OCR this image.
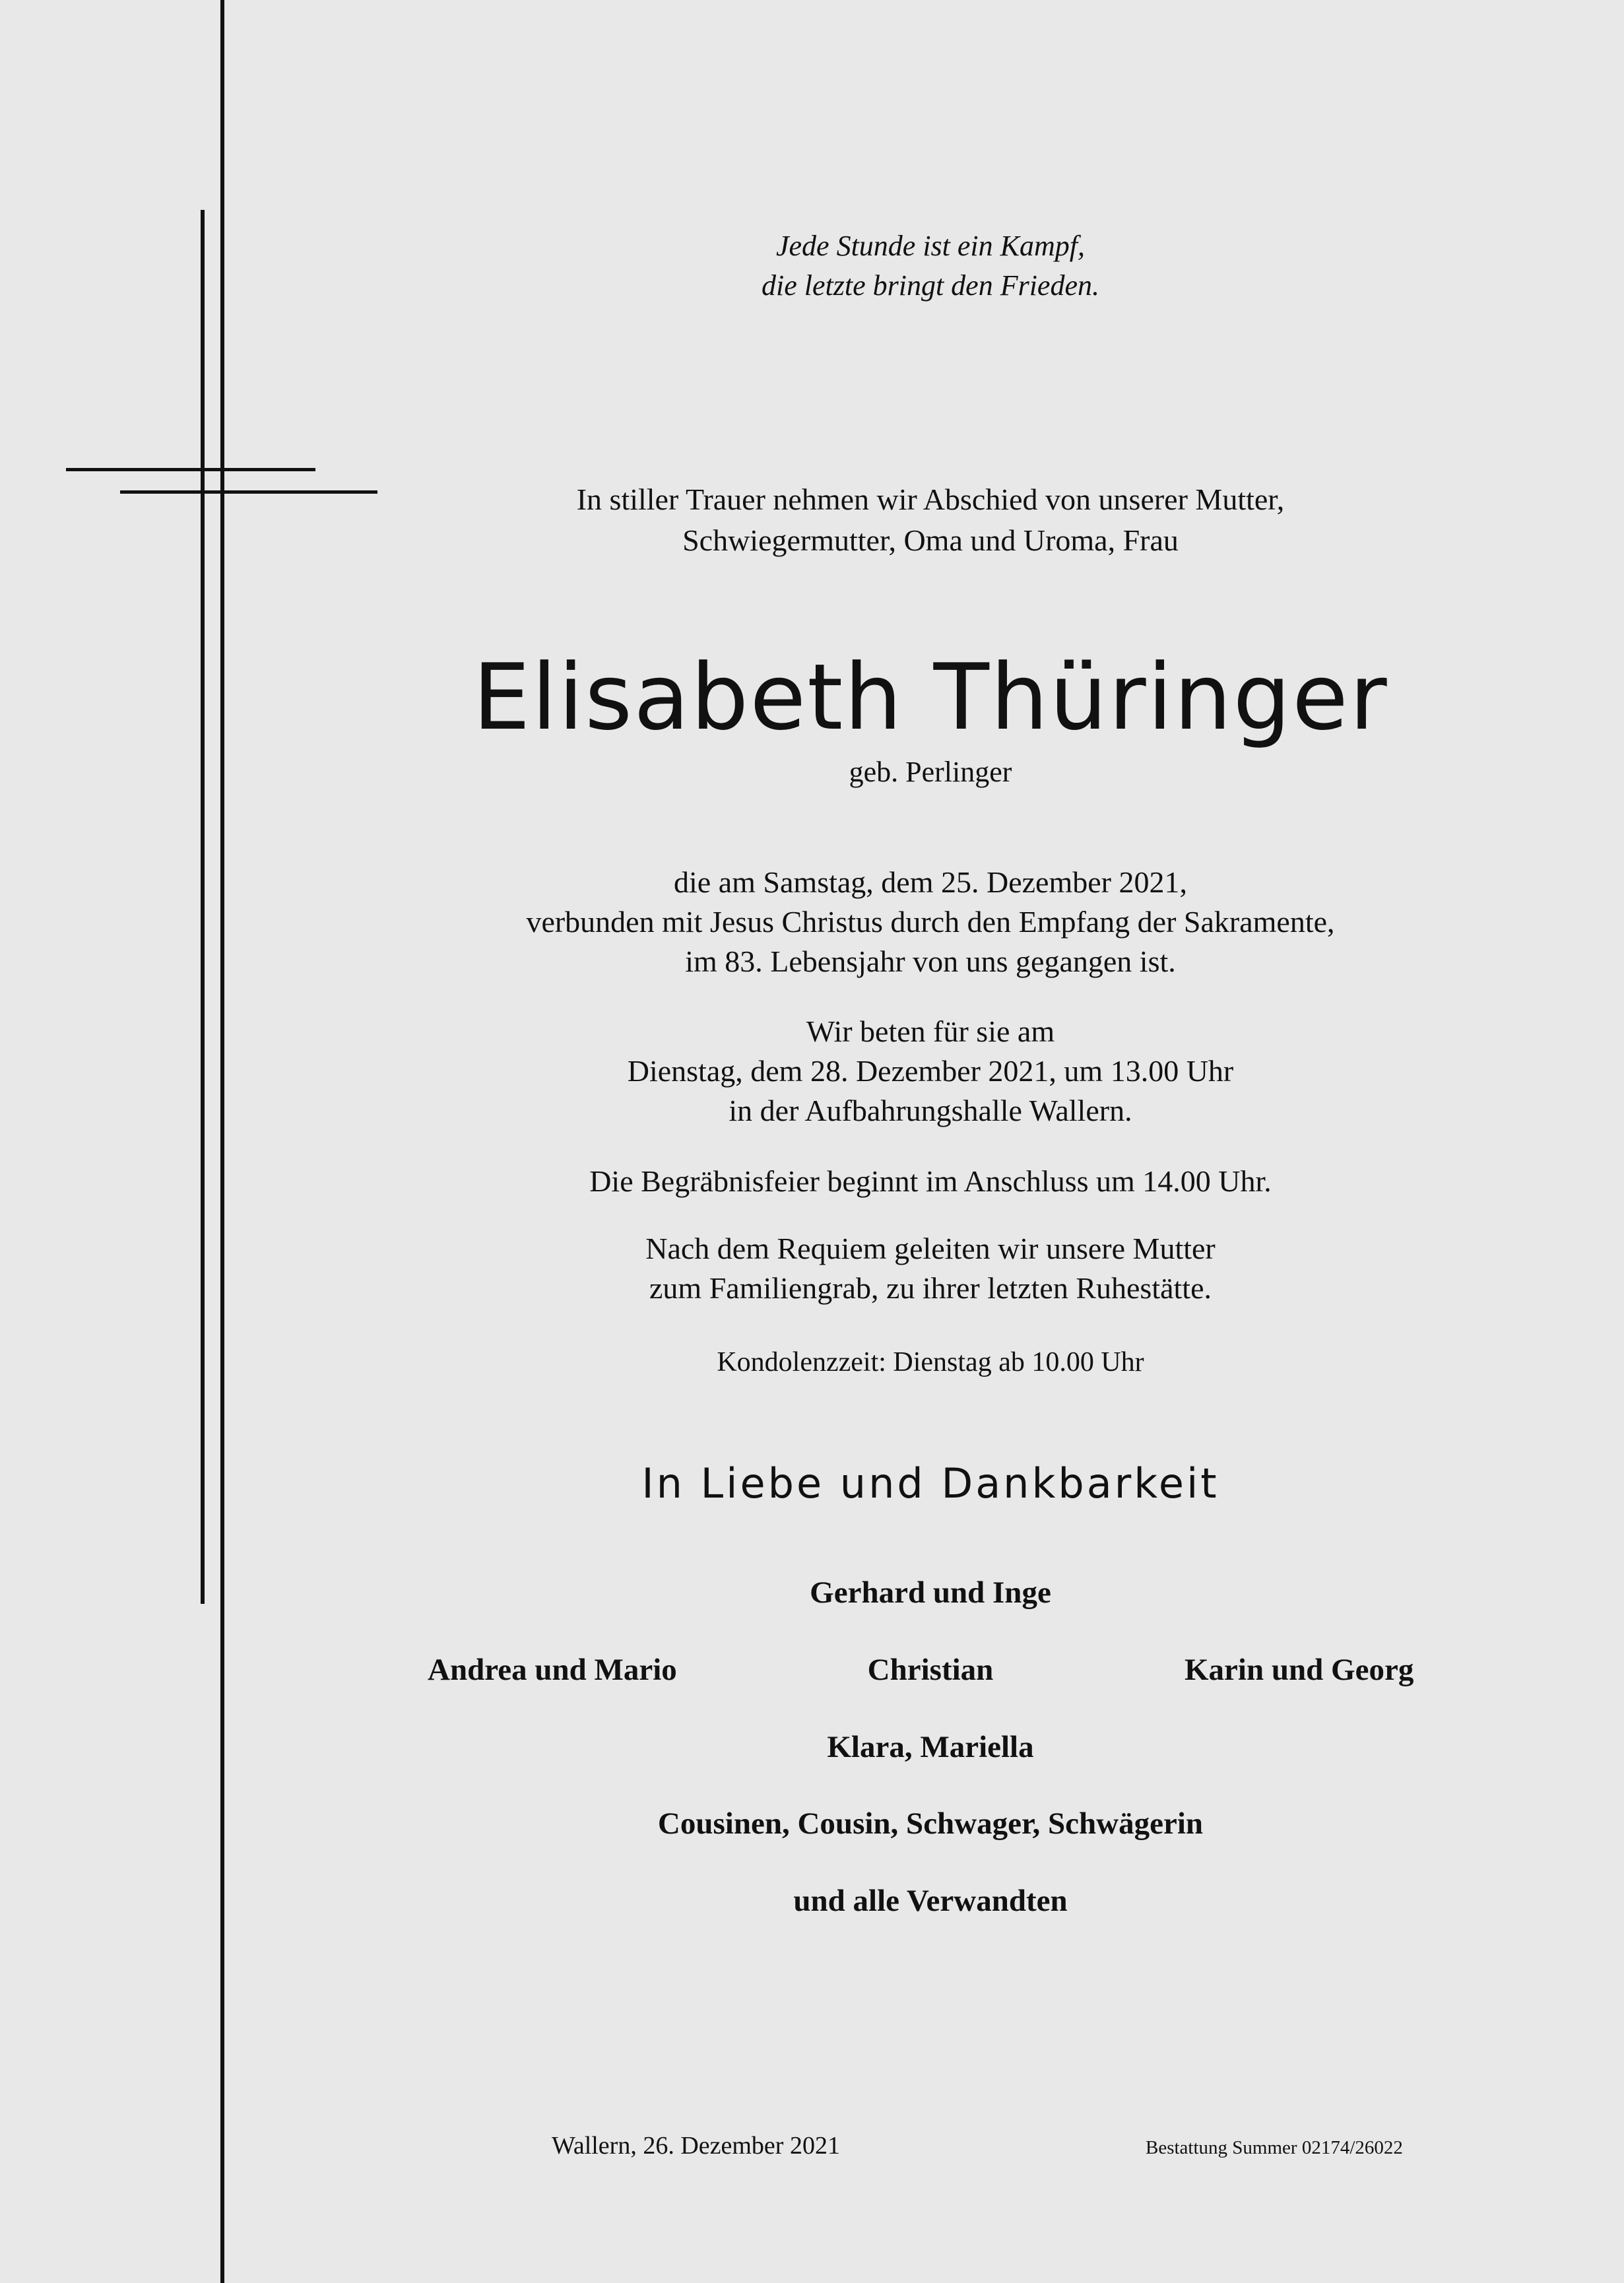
Jede Stunde ist ein Kampf,
die letzte bringt den Frieden.
In stiller Trauer nehmen wir Abschied von unserer Mutter,
Schwiegermutter, Oma und Uroma, Frau
Elisabeth Thüringer
geb. Perlinger
die am Samstag, dem 25. Dezember 2021,
verbunden mit Jesus Christus durch den Empfang der Sakramente,
im 83. Lebensjahr von uns gegangen ist.
Wir beten für sie am
Dienstag, dem 28. Dezember 2021, um 13.00 Uhr
in der Aufbahrungshalle Wallern.
Die Begräbnisfeier beginnt im Anschluss um 14.00 Uhr.
Nach dem Requiem geleiten wir unsere Mutter
zum Familiengrab, zu ihrer letzten Ruhestätte.
Kondolenzzeit: Dienstag ab 10.00 Uhr
In Liebe und Dankbarkeit
Gerhard und Inge
Andrea und Mario	Christian	Karin und Georg
Klara, Mariella
Cousinen, Cousin, Schwager, Schwägerin
und alle Verwandten
Wallern, 26. Dezember 2021	Bestattung Summer 02174/26022
